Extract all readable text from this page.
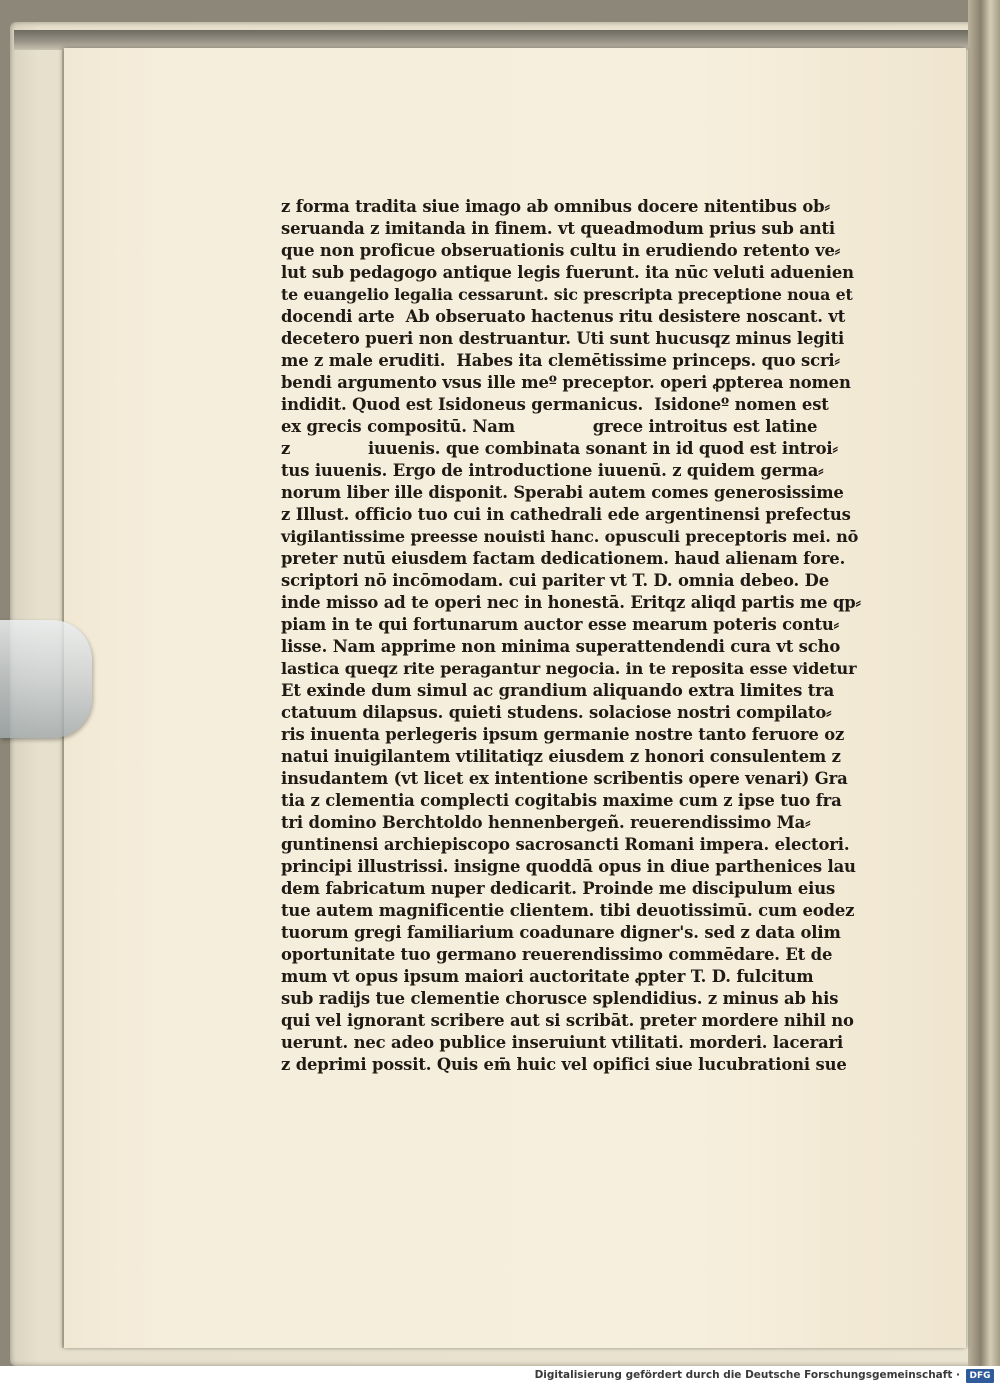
z forma tradita siue imago ab omnibus docere nitentibus ob⸗
seruanda z imitanda in finem. vt queadmodum prius sub anti
que non proficue obseruationis cultu in erudiendo retento ve⸗
lut sub pedagogo antique legis fuerunt. ita nūc veluti aduenien
te euangelio legalia cessarunt. sic prescripta preceptione noua et
docendi arte  Ab obseruato hactenus ritu desistere noscant. vt
decetero pueri non destruantur. Uti sunt hucusqz minus legiti
me z male eruditi.  Habes ita clemētissime princeps. quo scri⸗
bendi argumento vsus ille meº preceptor. operi ꝓpterea nomen
indidit. Quod est Isidoneus germanicus.  Isidoneº nomen est
ex grecis compositū. Nam              grece introitus est latine
z              iuuenis. que combinata sonant in id quod est introi⸗
tus iuuenis. Ergo de introductione iuuenū. z quidem germa⸗
norum liber ille disponit. Sperabi autem comes generosissime
z Illust. officio tuo cui in cathedrali ede argentinensi prefectus
vigilantissime preesse nouisti hanc. opusculi preceptoris mei. nō
preter nutū eiusdem factam dedicationem. haud alienam fore.
scriptori nō incōmodam. cui pariter vt T. D. omnia debeo. De
inde misso ad te operi nec in honestā. Eritqz aliqd partis me qp⸗
piam in te qui fortunarum auctor esse mearum poteris contu⸗
lisse. Nam apprime non minima superattendendi cura vt scho
lastica queqz rite peragantur negocia. in te reposita esse videtur
Et exinde dum simul ac grandium aliquando extra limites tra
ctatuum dilapsus. quieti studens. solaciose nostri compilato⸗
ris inuenta perlegeris ipsum germanie nostre tanto feruore oz
natui inuigilantem vtilitatiqz eiusdem z honori consulentem z
insudantem (vt licet ex intentione scribentis opere venari) Gra
tia z clementia complecti cogitabis maxime cum z ipse tuo fra
tri domino Berchtoldo hennenbergeñ. reuerendissimo Ma⸗
guntinensi archiepiscopo sacrosancti Romani impera. electori.
principi illustrissi. insigne quoddā opus in diue parthenices lau
dem fabricatum nuper dedicarit. Proinde me discipulum eius
tue autem magnificentie clientem. tibi deuotissimū. cum eodez
tuorum gregi familiarium coadunare digner's. sed z data olim
oportunitate tuo germano reuerendissimo commēdare. Et de
mum vt opus ipsum maiori auctoritate ꝓpter T. D. fulcitum
sub radijs tue clementie chorusce splendidius. z minus ab his
qui vel ignorant scribere aut si scribāt. preter mordere nihil no
uerunt. nec adeo publice inseruiunt vtilitati. morderi. lacerari
z deprimi possit. Quis em̄ huic vel opifici siue lucubrationi sue
Digitalisierung gefördert durch die Deutsche Forschungsgemeinschaft ·	DFG
